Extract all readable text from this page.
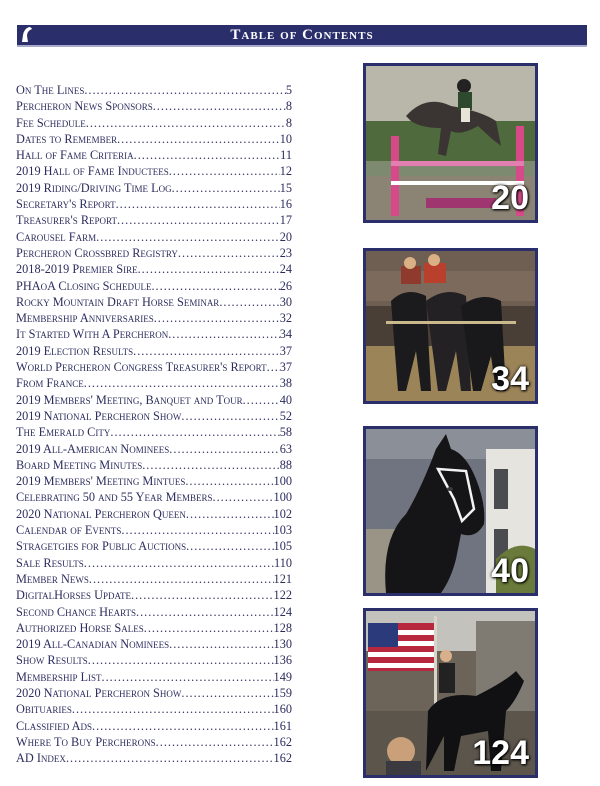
Table of Contents
On The Lines .....	5
Percheron News Sponsors .....	8
Fee Schedule .....	8
Dates to Remember .....	10
Hall of Fame Criteria .....	11
2019 Hall of Fame Inductees .....	12
2019 Riding/Driving Time Log .....	15
Secretary's Report .....	16
Treasurer's Report .....	17
Carousel Farm .....	20
Percheron Crossbred Registry .....	23
2018-2019 Premier Sire .....	24
PHAoA Closing Schedule .....	26
Rocky Mountain Draft Horse Seminar .....	30
Membership Anniversaries .....	32
It Started With A Percheron .....	34
2019 Election Results .....	37
World Percheron Congress Treasurer's Report ..... 37
From France .....	38
2019 Members' Meeting, Banquet and Tour .....	40
2019 National Percheron Show .....	52
The Emerald City .....	58
2019 All-American Nominees .....	63
Board Meeting Minutes .....	88
2019 Members' Meeting Mintues .....	100
Celebrating 50 and 55 Year Members .....	100
2020 National Percheron Queen .....	102
Calendar of Events .....	103
Stragetgies for Public Auctions .....	105
Sale Results .....	110
Member News .....	121
DigitalHorses Update .....	122
Second Chance Hearts .....	124
Authorized Horse Sales .....	128
2019 All-Canadian Nominees .....	130
Show Results .....	136
Membership List .....	149
2020 National Percheron Show .....	159
Obituaries .....	160
Classified Ads .....	161
Where To Buy Percherons .....	162
AD Index .....	162
20
34
40
124
